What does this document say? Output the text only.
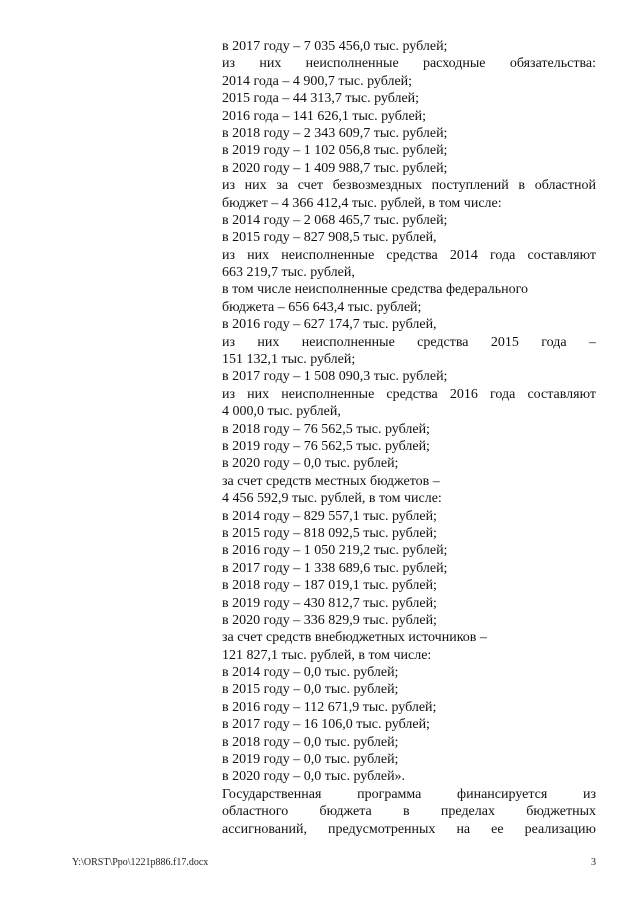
в 2017 году – 7 035 456,0 тыс. рублей;
из них неисполненные расходные обязательства:
2014 года – 4 900,7 тыс. рублей;
2015 года – 44 313,7 тыс. рублей;
2016 года – 141 626,1 тыс. рублей;
в 2018 году – 2 343 609,7 тыс. рублей;
в 2019 году – 1 102 056,8 тыс. рублей;
в 2020 году – 1 409 988,7 тыс. рублей;
из них за счет безвозмездных поступлений в областной
бюджет – 4 366 412,4 тыс. рублей, в том числе:
в 2014 году – 2 068 465,7 тыс. рублей;
в 2015 году – 827 908,5 тыс. рублей,
из них неисполненные средства 2014 года составляют
663 219,7 тыс. рублей,
в том числе неисполненные средства федерального
бюджета – 656 643,4 тыс. рублей;
в 2016 году – 627 174,7 тыс. рублей,
из них неисполненные средства 2015 года –
151 132,1 тыс. рублей;
в 2017 году – 1 508 090,3 тыс. рублей;
из них неисполненные средства 2016 года составляют
4 000,0 тыс. рублей,
в 2018 году – 76 562,5 тыс. рублей;
в 2019 году – 76 562,5 тыс. рублей;
в 2020 году – 0,0 тыс. рублей;
за счет средств местных бюджетов –
4 456 592,9 тыс. рублей, в том числе:
в 2014 году – 829 557,1 тыс. рублей;
в 2015 году – 818 092,5 тыс. рублей;
в 2016 году – 1 050 219,2 тыс. рублей;
в 2017 году – 1 338 689,6 тыс. рублей;
в 2018 году – 187 019,1 тыс. рублей;
в 2019 году – 430 812,7 тыс. рублей;
в 2020 году – 336 829,9 тыс. рублей;
за счет средств внебюджетных источников –
121 827,1 тыс. рублей, в том числе:
в 2014 году – 0,0 тыс. рублей;
в 2015 году – 0,0 тыс. рублей;
в 2016 году – 112 671,9 тыс. рублей;
в 2017 году – 16 106,0 тыс. рублей;
в 2018 году – 0,0 тыс. рублей;
в 2019 году – 0,0 тыс. рублей;
в 2020 году – 0,0 тыс. рублей».
Государственная программа финансируется из
областного бюджета в пределах бюджетных
ассигнований, предусмотренных на ее реализацию
Y:\ORST\Ppo\1221p886.f17.docx	3
